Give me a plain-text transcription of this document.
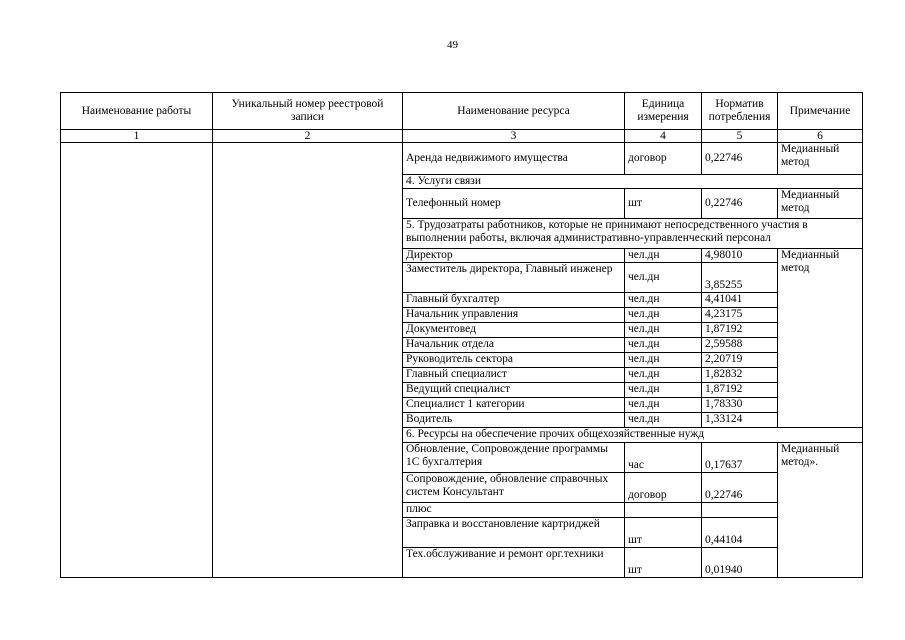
49
Наименование работы	Уникальный номер реестровой записи	Наименование ресурса	Единица измерения	Норматив потребления	Примечание
1	2	3	4	5	6
		Аренда недвижимого имущества	договор	0,22746	Медианный метод
		4. Услуги связи			
		Телефонный номер	шт	0,22746	Медианный метод
		5. Трудозатраты работников, которые не принимают непосредственного участия в выполнении работы, включая административно-управленческий персонал			
		Директор	чел.дн	4,98010	Медианный метод
		Заместитель директора, Главный инженер	чел.дн	3,85255	
		Главный бухгалтер	чел.дн	4,41041	
		Начальник управления	чел.дн	4,23175	
		Документовед	чел.дн	1,87192	
		Начальник отдела	чел.дн	2,59588	
		Руководитель сектора	чел.дн	2,20719	
		Главный специалист	чел.дн	1,82832	
		Ведущий специалист	чел.дн	1,87192	
		Специалист 1 категории	чел.дн	1,78330	
		Водитель	чел.дн	1,33124	
		6. Ресурсы на обеспечение прочих общехозяйственные нужд			
		Обновление, Сопровождение программы 1С бухгалтерия	час	0,17637	Медианный метод».
		Сопровождение, обновление справочных систем Консультант	договор	0,22746	
		плюс			
		Заправка и восстановление картриджей	шт	0,44104	
		Тех.обслуживание и ремонт орг.техники	шт	0,01940	
